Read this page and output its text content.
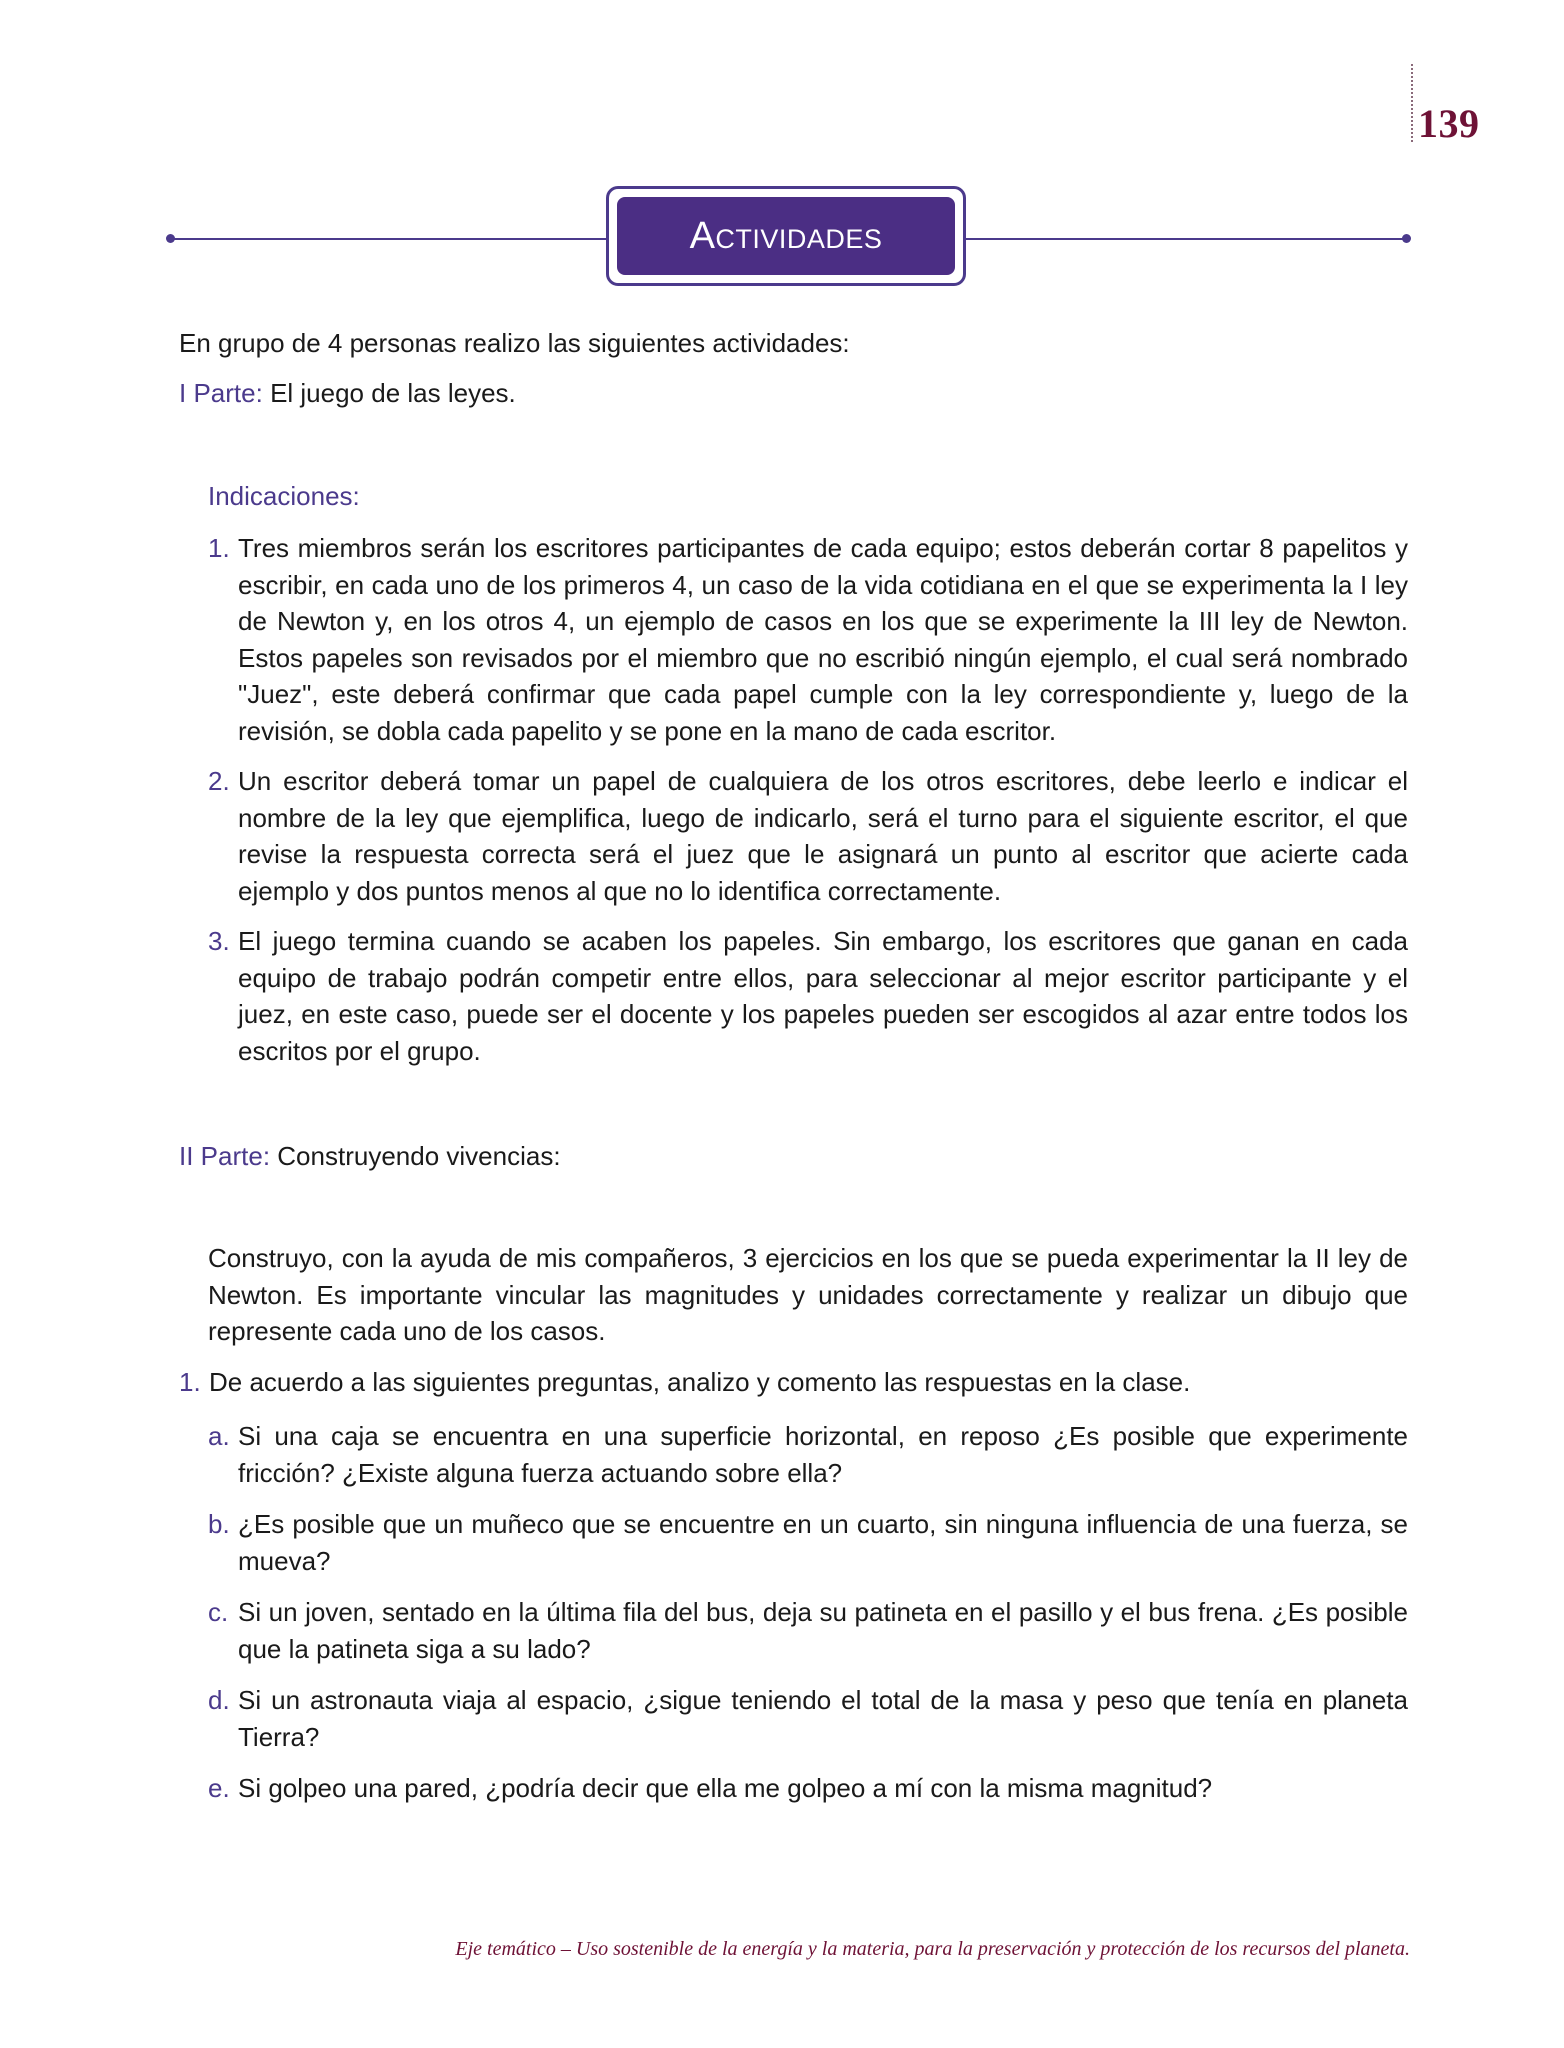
139
Actividades
En grupo de 4 personas realizo las siguientes actividades:
I Parte: El juego de las leyes.
Indicaciones:
1. Tres miembros serán los escritores participantes de cada equipo; estos deberán cortar 8 papelitos y escribir, en cada uno de los primeros 4, un caso de la vida cotidiana en el que se experimenta la I ley de Newton y, en los otros 4, un ejemplo de casos en los que se experimente la III ley de Newton. Estos papeles son revisados por el miembro que no escribió ningún ejemplo, el cual será nombrado "Juez", este deberá confirmar que cada papel cumple con la ley correspondiente y, luego de la revisión, se dobla cada papelito y se pone en la mano de cada escritor.
2. Un escritor deberá tomar un papel de cualquiera de los otros escritores, debe leerlo e indicar el nombre de la ley que ejemplifica, luego de indicarlo, será el turno para el siguiente escritor, el que revise la respuesta correcta será el juez que le asignará un punto al escritor que acierte cada ejemplo y dos puntos menos al que no lo identifica correctamente.
3. El juego termina cuando se acaben los papeles. Sin embargo, los escritores que ganan en cada equipo de trabajo podrán competir entre ellos, para seleccionar al mejor escritor participante y el juez, en este caso, puede ser el docente y los papeles pueden ser escogidos al azar entre todos los escritos por el grupo.
II Parte: Construyendo vivencias:
Construyo, con la ayuda de mis compañeros, 3 ejercicios en los que se pueda experimentar la II ley de Newton. Es importante vincular las magnitudes y unidades correctamente y realizar un dibujo que represente cada uno de los casos.
1. De acuerdo a las siguientes preguntas, analizo y comento las respuestas en la clase.
a. Si una caja se encuentra en una superficie horizontal, en reposo ¿Es posible que experimente fricción? ¿Existe alguna fuerza actuando sobre ella?
b. ¿Es posible que un muñeco que se encuentre en un cuarto, sin ninguna influencia de una fuerza, se mueva?
c. Si un joven, sentado en la última fila del bus, deja su patineta en el pasillo y el bus frena. ¿Es posible que la patineta siga a su lado?
d. Si un astronauta viaja al espacio, ¿sigue teniendo el total de la masa y peso que tenía en planeta Tierra?
e. Si golpeo una pared, ¿podría decir que ella me golpeo a mí con la misma magnitud?
Eje temático – Uso sostenible de la energía y la materia, para la preservación y protección de los recursos del planeta.
